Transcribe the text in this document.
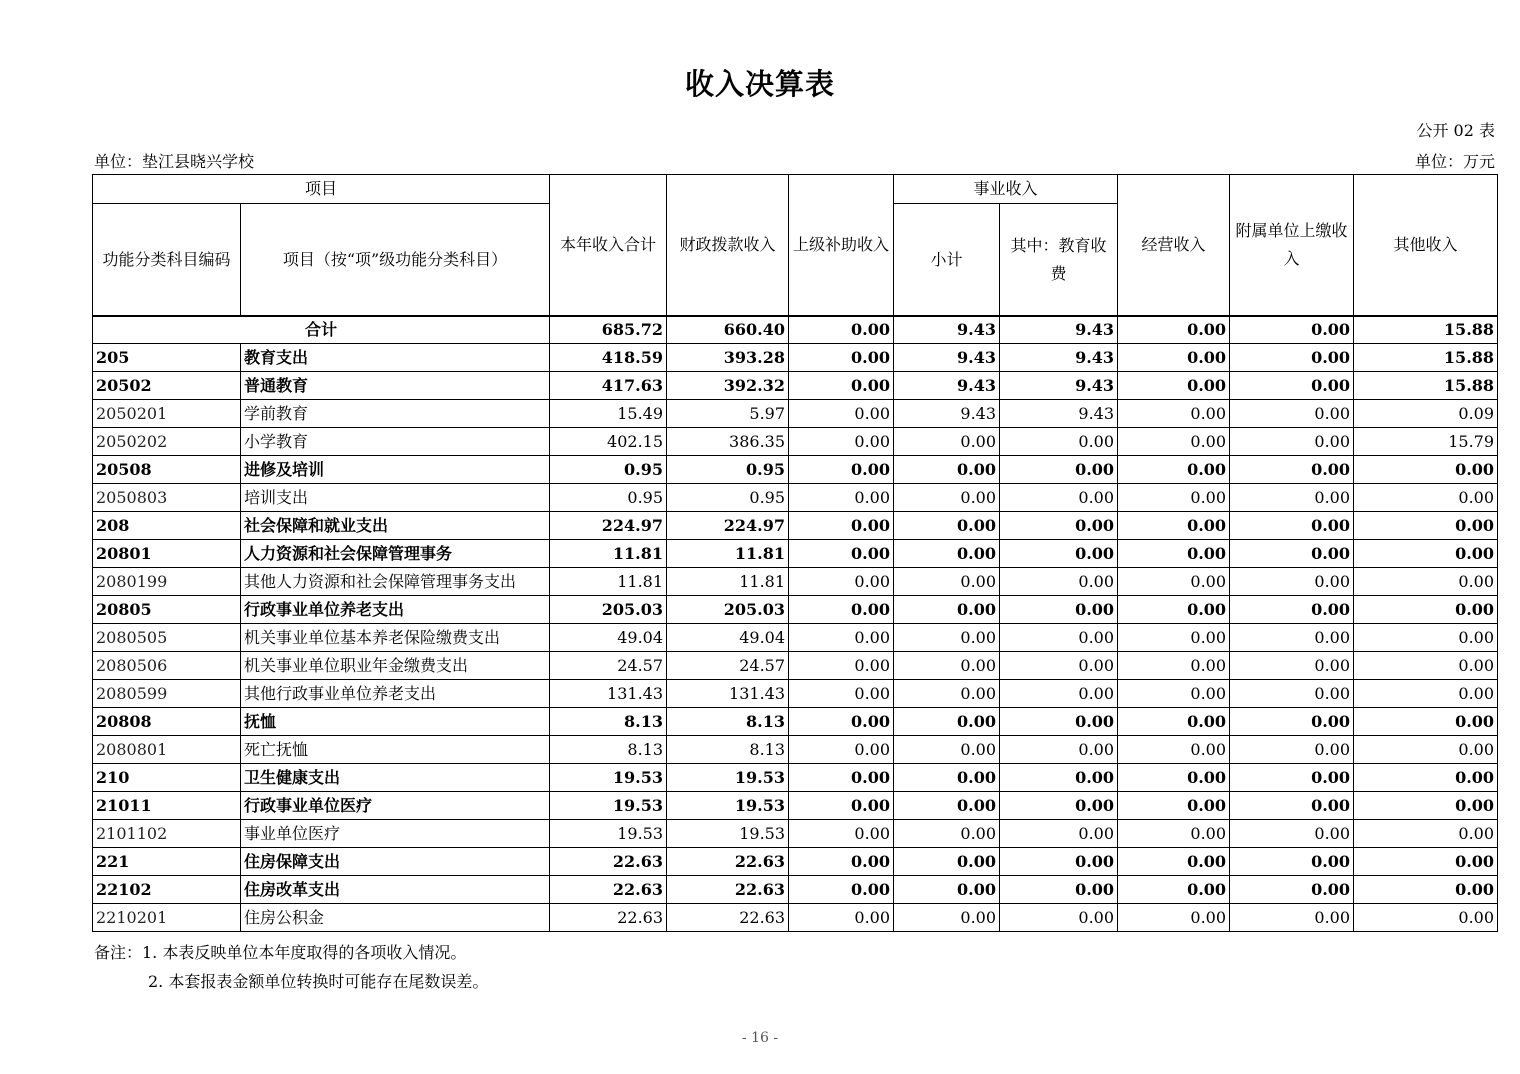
收入决算表
公开 02 表
单位：垫江县晓兴学校	单位：万元
项目		本年收入合计	财政拨款收入	上级补助收入	事业收入		经营收入	附属单位上缴收入	其他收入
功能分类科目编码	项目（按“项”级功能分类科目）				小计	其中：教育收费			
合计		685.72	660.40	0.00	9.43	9.43	0.00	0.00	15.88
205	教育支出	418.59	393.28	0.00	9.43	9.43	0.00	0.00	15.88
20502	普通教育	417.63	392.32	0.00	9.43	9.43	0.00	0.00	15.88
2050201	学前教育	15.49	5.97	0.00	9.43	9.43	0.00	0.00	0.09
2050202	小学教育	402.15	386.35	0.00	0.00	0.00	0.00	0.00	15.79
20508	进修及培训	0.95	0.95	0.00	0.00	0.00	0.00	0.00	0.00
2050803	培训支出	0.95	0.95	0.00	0.00	0.00	0.00	0.00	0.00
208	社会保障和就业支出	224.97	224.97	0.00	0.00	0.00	0.00	0.00	0.00
20801	人力资源和社会保障管理事务	11.81	11.81	0.00	0.00	0.00	0.00	0.00	0.00
2080199	其他人力资源和社会保障管理事务支出	11.81	11.81	0.00	0.00	0.00	0.00	0.00	0.00
20805	行政事业单位养老支出	205.03	205.03	0.00	0.00	0.00	0.00	0.00	0.00
2080505	机关事业单位基本养老保险缴费支出	49.04	49.04	0.00	0.00	0.00	0.00	0.00	0.00
2080506	机关事业单位职业年金缴费支出	24.57	24.57	0.00	0.00	0.00	0.00	0.00	0.00
2080599	其他行政事业单位养老支出	131.43	131.43	0.00	0.00	0.00	0.00	0.00	0.00
20808	抚恤	8.13	8.13	0.00	0.00	0.00	0.00	0.00	0.00
2080801	死亡抚恤	8.13	8.13	0.00	0.00	0.00	0.00	0.00	0.00
210	卫生健康支出	19.53	19.53	0.00	0.00	0.00	0.00	0.00	0.00
21011	行政事业单位医疗	19.53	19.53	0.00	0.00	0.00	0.00	0.00	0.00
2101102	事业单位医疗	19.53	19.53	0.00	0.00	0.00	0.00	0.00	0.00
221	住房保障支出	22.63	22.63	0.00	0.00	0.00	0.00	0.00	0.00
22102	住房改革支出	22.63	22.63	0.00	0.00	0.00	0.00	0.00	0.00
2210201	住房公积金	22.63	22.63	0.00	0.00	0.00	0.00	0.00	0.00
备注：1. 本表反映单位本年度取得的各项收入情况。
2. 本套报表金额单位转换时可能存在尾数误差。
- 16 -
